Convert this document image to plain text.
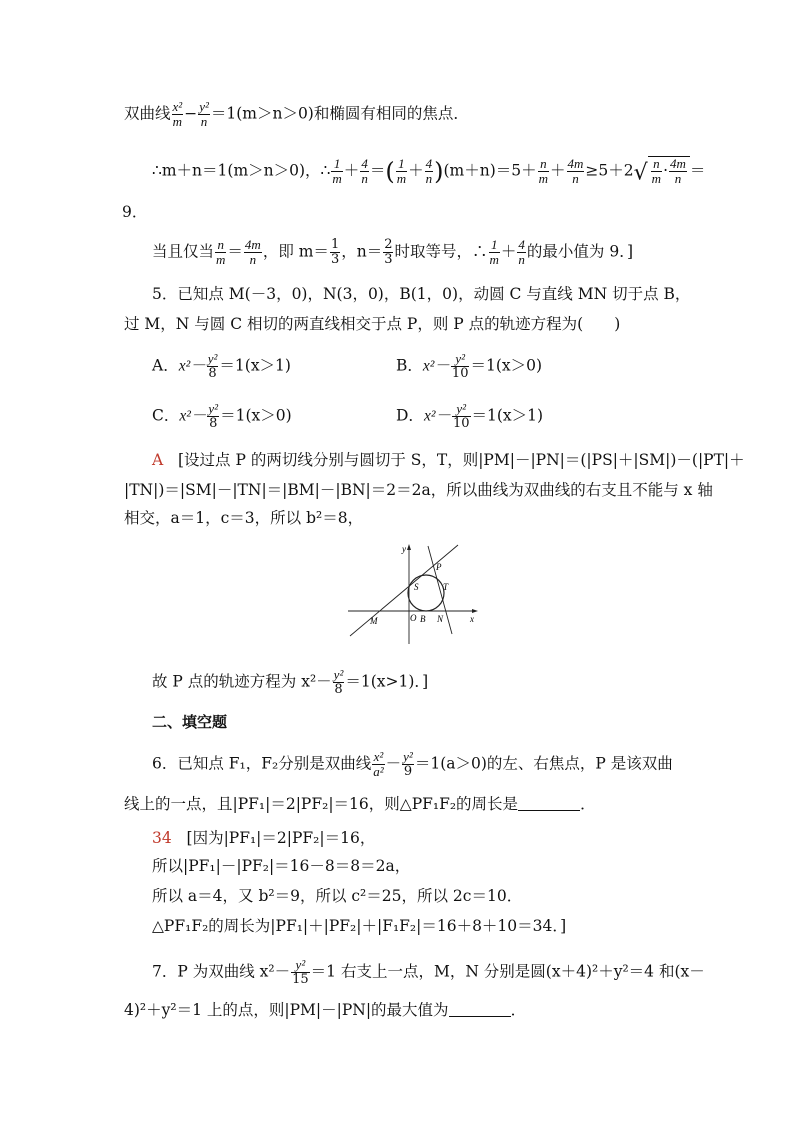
双曲线 $\frac{\text{x²}}{m} - \frac{\text{y²}}{n} =1(m>n>0)$和椭圆有相同的焦点．
∴m＋n＝1(m＞n＞0)，∴ $\frac{1}{m} + \frac{4}{n}$ ＝( $\frac{1}{m} + \frac{4}{n} )(m+n)=5+ \frac{n}{m} + \frac{4m}{n} \ge 5+2√ \frac{n}{m} \cdot \frac{4m}{n}$ ＝
9．
当且仅当 $\frac{n}{m} = \frac{4m}{n}$ ，即 $m= \frac{1}{3}$ ，$n= \frac{2}{3}$ 时取等号，∴ $\frac{1}{m} + \frac{4}{n}$ 的最小值为 9．]
5．已知点 M(－3，0)，N(3，0)，B(1，0)，动圆 C 与直线 MN 切于点 B，
过 M，N 与圆 C 相切的两直线相交于点 P，则 P 点的轨迹方程为(　　)
A．$x^2- \frac{\text{y²}}{8} =1(x>1)$	B．$x^2- \frac{\text{y²}}{10} =1(x>0)$
C．$x^2- \frac{\text{y²}}{8} =1(x>0)$	D．$x^2- \frac{\text{y²}}{10} =1(x>1)$
A [设过点 P 的两切线分别与圆切于 S，T，则|PM|－|PN|＝(|PS|＋|SM|)－(|PT|＋
|TN|)＝|SM|－|TN|＝|BM|－|BN|＝2＝2a，所以曲线为双曲线的右支且不能与 x 轴
相交，a＝1，c＝3，所以 b²＝8，
y
x
P
S	T
O B N
M
故 P 点的轨迹方程为 $x^2- \frac{\text{y²}}{8} =1(x>1)$．]
二、填空题
6．已知点 F₁，F₂分别是双曲线 $\frac{\text{x²}}{\text{a²}} - \frac{\text{y²}}{9} =1(a>0)$的左、右焦点，P 是该双曲
线上的一点，且|PF₁|＝2|PF₂|＝16，则△PF₁F₂的周长是	．
34 [因为|PF₁|＝2|PF₂|＝16，
所以|PF₁|－|PF₂|＝16－8＝8＝2a，
所以 a＝4，又 b²＝9，所以 c²＝25，所以 2c＝10．
△PF₁F₂的周长为|PF₁|＋|PF₂|＋|F₁F₂|＝16＋8＋10＝34．]
7．P 为双曲线 $x^2- \frac{\text{y²}}{15} =1$ 右支上一点，M，N 分别是圆(x＋4)²＋y²＝4 和(x－
4)²＋y²＝1 上的点，则|PM|－|PN|的最大值为	．
